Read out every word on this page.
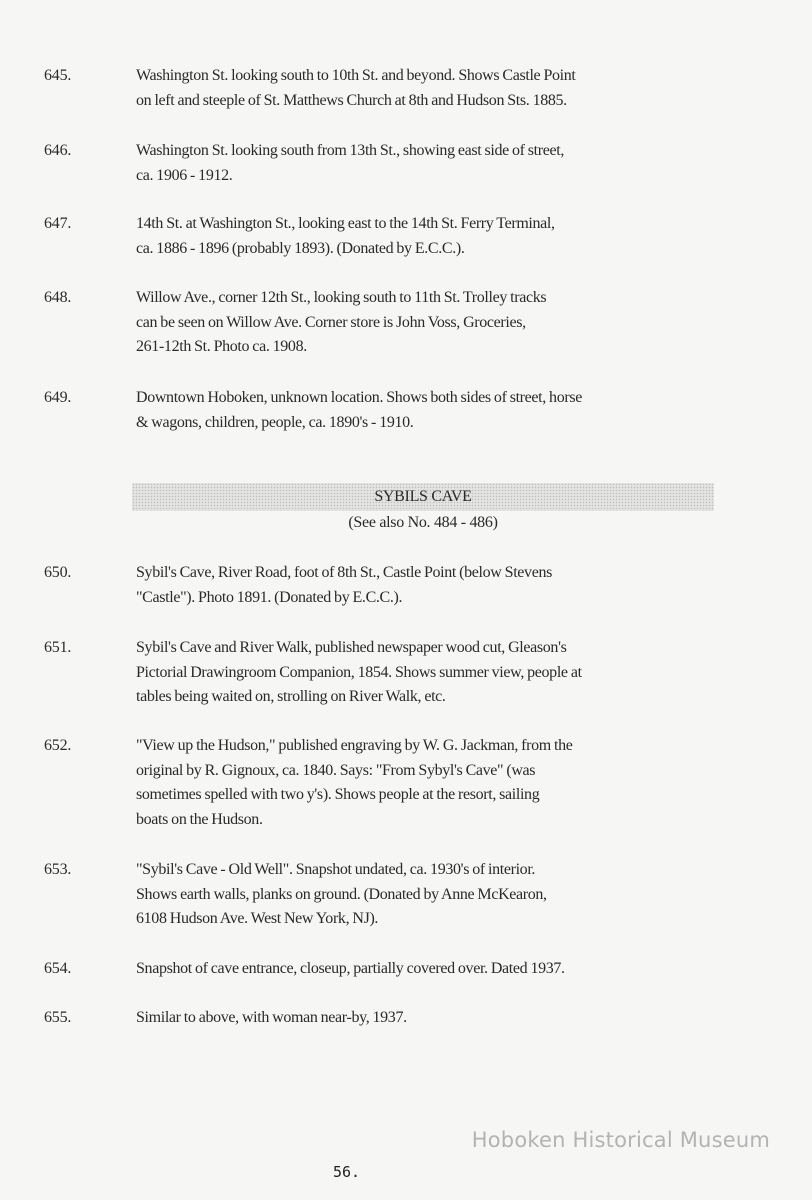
645.	Washington St. looking south to 10th St. and beyond. Shows Castle Point
on left and steeple of St. Matthews Church at 8th and Hudson Sts. 1885.
646.	Washington St. looking south from 13th St., showing east side of street,
ca. 1906 - 1912.
647.	14th St. at Washington St., looking east to the 14th St. Ferry Terminal,
ca. 1886 - 1896 (probably 1893). (Donated by E.C.C.).
648.	Willow Ave., corner 12th St., looking south to 11th St. Trolley tracks
can be seen on Willow Ave. Corner store is John Voss, Groceries,
261-12th St. Photo ca. 1908.
649.	Downtown Hoboken, unknown location. Shows both sides of street, horse
& wagons, children, people, ca. 1890's - 1910.
SYBILS CAVE
(See also No. 484 - 486)
650.	Sybil's Cave, River Road, foot of 8th St., Castle Point (below Stevens
"Castle"). Photo 1891. (Donated by E.C.C.).
651.	Sybil's Cave and River Walk, published newspaper wood cut, Gleason's
Pictorial Drawingroom Companion, 1854. Shows summer view, people at
tables being waited on, strolling on River Walk, etc.
652.	"View up the Hudson," published engraving by W. G. Jackman, from the
original by R. Gignoux, ca. 1840. Says: "From Sybyl's Cave" (was
sometimes spelled with two y's). Shows people at the resort, sailing
boats on the Hudson.
653.	"Sybil's Cave - Old Well". Snapshot undated, ca. 1930's of interior.
Shows earth walls, planks on ground. (Donated by Anne McKearon,
6108 Hudson Ave. West New York, NJ).
654.	Snapshot of cave entrance, closeup, partially covered over. Dated 1937.
655.	Similar to above, with woman near-by, 1937.
Hoboken Historical Museum
56.
